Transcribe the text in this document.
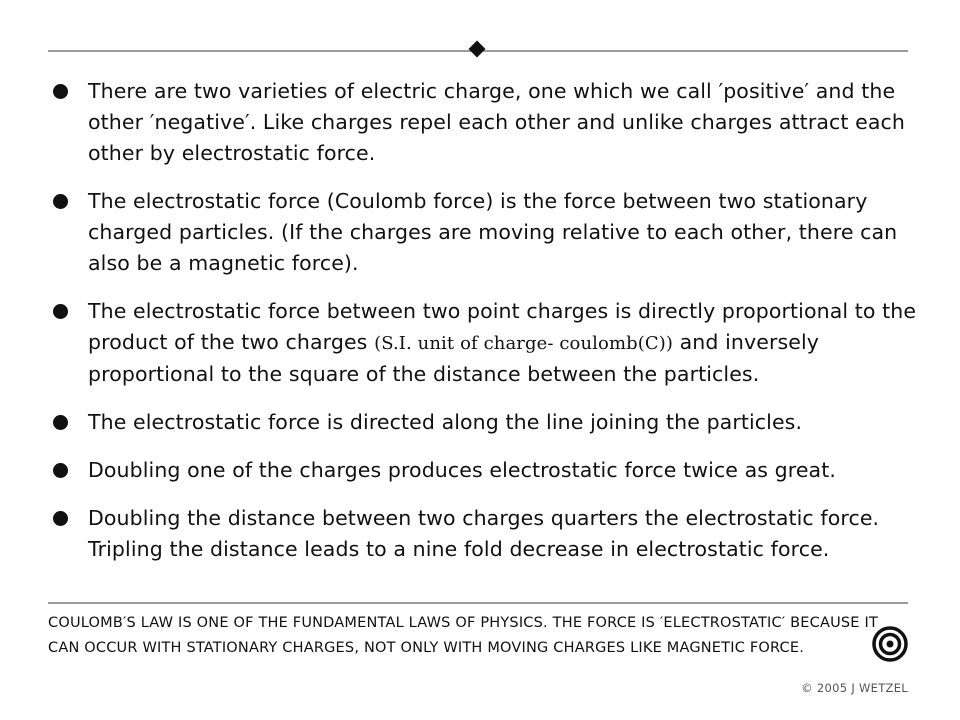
There are two varieties of electric charge, one which we call ′positive′ and the other ′negative′. Like charges repel each other and unlike charges attract each other by electrostatic force.
The electrostatic force (Coulomb force) is the force between two stationary charged particles. (If the charges are moving relative to each other, there can also be a magnetic force).
The electrostatic force between two point charges is directly proportional to the product of the two charges (S.I. unit of charge- coulomb(C)) and inversely proportional to the square of the distance between the particles.
The electrostatic force is directed along the line joining the particles.
Doubling one of the charges produces electrostatic force twice as great.
Doubling the distance between two charges quarters the electrostatic force. Tripling the distance leads to a nine fold decrease in electrostatic force.
COULOMB′S LAW IS ONE OF THE FUNDAMENTAL LAWS OF PHYSICS. THE FORCE IS ′ELECTROSTATIC′ BECAUSE IT CAN OCCUR WITH STATIONARY CHARGES, NOT ONLY WITH MOVING CHARGES LIKE MAGNETIC FORCE.
© 2005 J WETZEL
